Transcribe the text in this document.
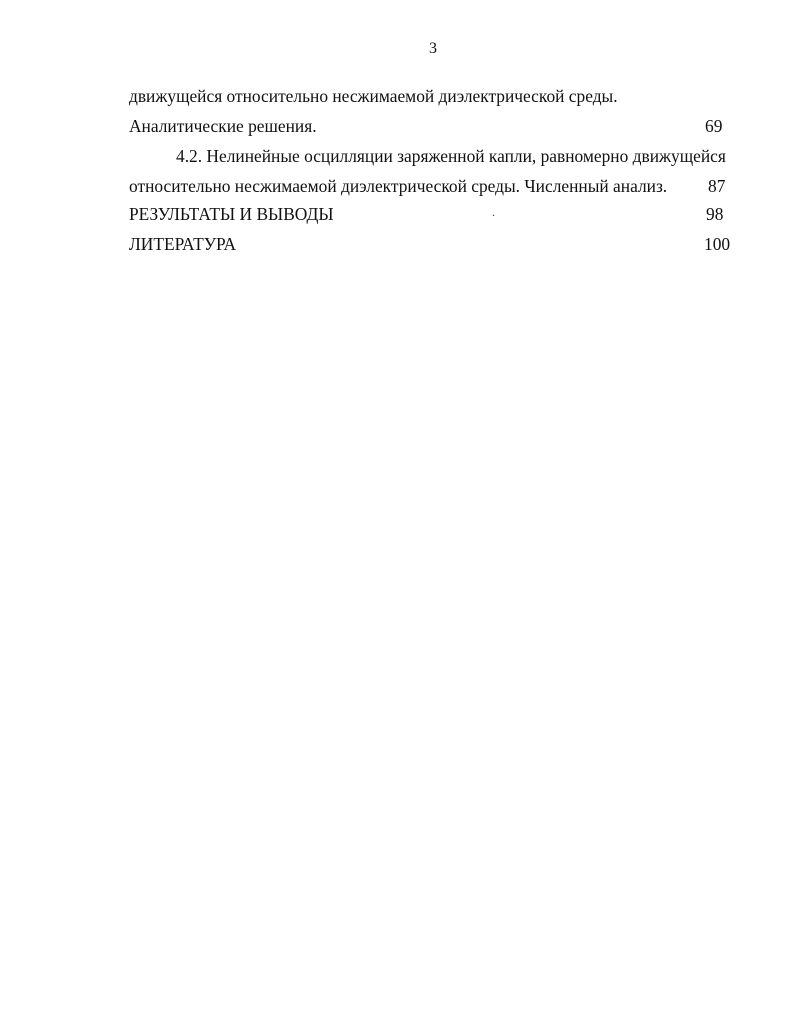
3
движущейся относительно несжимаемой диэлектрической среды.
Аналитические решения.	69
4.2. Нелинейные осцилляции заряженной капли, равномерно движущейся
относительно несжимаемой диэлектрической среды. Численный анализ. 87
РЕЗУЛЬТАТЫ И ВЫВОДЫ	.	98
ЛИТЕРАТУРА	100
